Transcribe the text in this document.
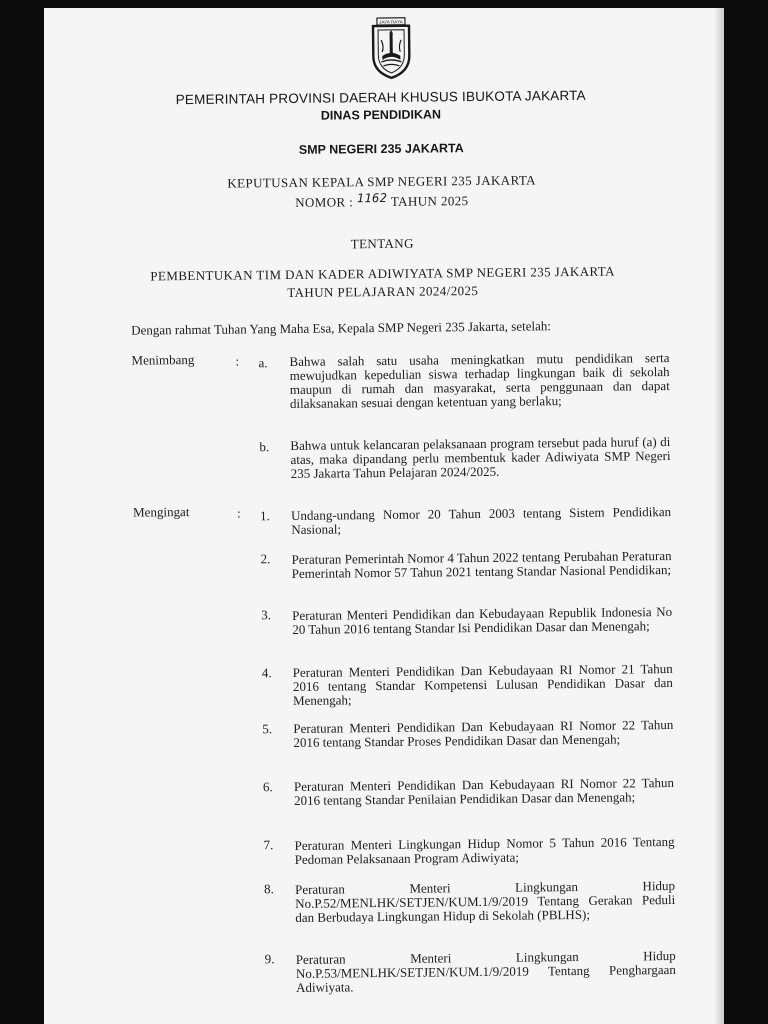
JAYA RAYA
PEMERINTAH PROVINSI DAERAH KHUSUS IBUKOTA JAKARTA
DINAS PENDIDIKAN
SMP NEGERI 235 JAKARTA
KEPUTUSAN KEPALA SMP NEGERI 235 JAKARTA
NOMOR : 1162 TAHUN 2025
TENTANG
PEMBENTUKAN TIM DAN KADER ADIWIYATA SMP NEGERI 235 JAKARTA
TAHUN PELAJARAN 2024/2025
Dengan rahmat Tuhan Yang Maha Esa, Kepala SMP Negeri 235 Jakarta, setelah:
Menimbang	: a. Bahwa salah satu usaha meningkatkan mutu pendidikan serta mewujudkan kepedulian siswa terhadap lingkungan baik di sekolah maupun di rumah dan masyarakat, serta penggunaan dan dapat dilaksanakan sesuai dengan ketentuan yang berlaku;
b. Bahwa untuk kelancaran pelaksanaan program tersebut pada huruf (a) di atas, maka dipandang perlu membentuk kader Adiwiyata SMP Negeri 235 Jakarta Tahun Pelajaran 2024/2025.
Mengingat	: 1. Undang-undang Nomor 20 Tahun 2003 tentang Sistem Pendidikan Nasional;
2. Peraturan Pemerintah Nomor 4 Tahun 2022 tentang Perubahan Peraturan Pemerintah Nomor 57 Tahun 2021 tentang Standar Nasional Pendidikan;
3. Peraturan Menteri Pendidikan dan Kebudayaan Republik Indonesia No 20 Tahun 2016 tentang Standar Isi Pendidikan Dasar dan Menengah;
4. Peraturan Menteri Pendidikan Dan Kebudayaan RI Nomor 21 Tahun 2016 tentang Standar Kompetensi Lulusan Pendidikan Dasar dan Menengah;
5. Peraturan Menteri Pendidikan Dan Kebudayaan RI Nomor 22 Tahun 2016 tentang Standar Proses Pendidikan Dasar dan Menengah;
6. Peraturan Menteri Pendidikan Dan Kebudayaan RI Nomor 22 Tahun 2016 tentang Standar Penilaian Pendidikan Dasar dan Menengah;
7. Peraturan Menteri Lingkungan Hidup Nomor 5 Tahun 2016 Tentang Pedoman Pelaksanaan Program Adiwiyata;
8. Peraturan Menteri Lingkungan Hidup No.P.52/MENLHK/SETJEN/KUM.1/9/2019 Tentang Gerakan Peduli dan Berbudaya Lingkungan Hidup di Sekolah (PBLHS);
9. Peraturan Menteri Lingkungan Hidup No.P.53/MENLHK/SETJEN/KUM.1/9/2019 Tentang Penghargaan Adiwiyata.
